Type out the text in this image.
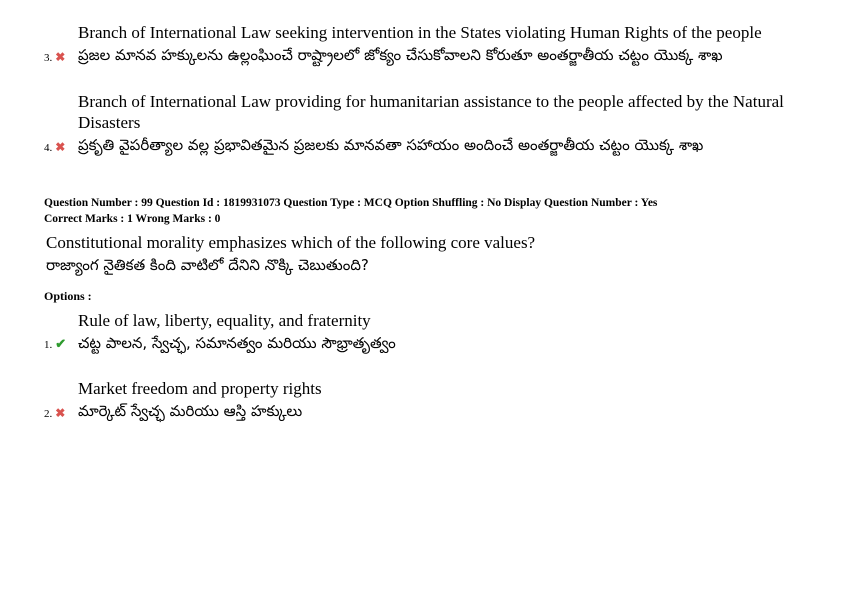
3. ✖
Branch of International Law seeking intervention in the States violating Human Rights of the people
ప్రజల మానవ హక్కులను ఉల్లంఘించే రాష్ట్రాలలో జోక్యం చేసుకోవాలని కోరుతూ అంతర్జాతీయ చట్టం యొక్క శాఖ
4. ✖
Branch of International Law providing for humanitarian assistance to the people affected by the Natural Disasters
ప్రకృతి వైపరీత్యాల వల్ల ప్రభావితమైన ప్రజలకు మానవతా సహాయం అందించే అంతర్జాతీయ చట్టం యొక్క శాఖ
Question Number : 99 Question Id : 1819931073 Question Type : MCQ Option Shuffling : No Display Question Number : Yes
Correct Marks : 1 Wrong Marks : 0
Constitutional morality emphasizes which of the following core values?
రాజ్యాంగ నైతికత కింది వాటిలో దేనిని నొక్కి చెబుతుంది?
Options :
1. ✔
Rule of law, liberty, equality, and fraternity
చట్ట పాలన, స్వేచ్ఛ, సమానత్వం మరియు సౌభ్రాతృత్వం
2. ✖
Market freedom and property rights
మార్కెట్ స్వేచ్ఛ మరియు ఆస్తి హక్కులు
